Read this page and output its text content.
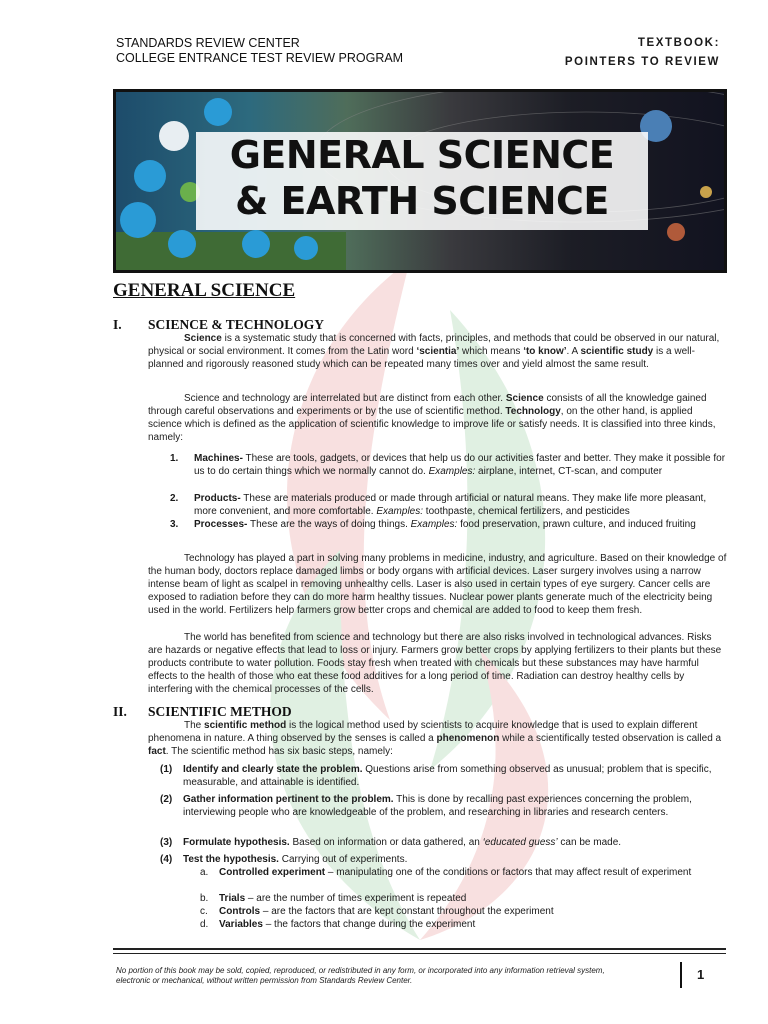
STANDARDS REVIEW CENTER
COLLEGE ENTRANCE TEST REVIEW PROGRAM
TEXTBOOK:
POINTERS TO REVIEW
GENERAL SCIENCE
& EARTH SCIENCE
GENERAL SCIENCE
I. SCIENCE & TECHNOLOGY
Science is a systematic study that is concerned with facts, principles, and methods that could be observed in our natural, physical or social environment. It comes from the Latin word ‘scientia’ which means ‘to know’. A scientific study is a well-planned and rigorously reasoned study which can be repeated many times over and yield almost the same result.
Science and technology are interrelated but are distinct from each other. Science consists of all the knowledge gained through careful observations and experiments or by the use of scientific method. Technology, on the other hand, is applied science which is defined as the application of scientific knowledge to improve life or satisfy needs. It is classified into three kinds, namely:
1. Machines- These are tools, gadgets, or devices that help us do our activities faster and better. They make it possible for us to do certain things which we normally cannot do. Examples: airplane, internet, CT-scan, and computer
2. Products- These are materials produced or made through artificial or natural means. They make life more pleasant, more convenient, and more comfortable. Examples: toothpaste, chemical fertilizers, and pesticides
3. Processes- These are the ways of doing things. Examples: food preservation, prawn culture, and induced fruiting
Technology has played a part in solving many problems in medicine, industry, and agriculture. Based on their knowledge of the human body, doctors replace damaged limbs or body organs with artificial devices. Laser surgery involves using a narrow intense beam of light as scalpel in removing unhealthy cells. Laser is also used in certain types of eye surgery. Cancer cells are exposed to radiation before they can do more harm healthy tissues. Nuclear power plants generate much of the electricity being used in the world. Fertilizers help farmers grow better crops and chemical are added to food to keep them fresh.
The world has benefited from science and technology but there are also risks involved in technological advances. Risks are hazards or negative effects that lead to loss or injury. Farmers grow better crops by applying fertilizers to their plants but these products contribute to water pollution. Foods stay fresh when treated with chemicals but these substances may have harmful effects to the health of those who eat these food additives for a long period of time. Radiation can destroy healthy cells by interfering with the chemical processes of the cells.
II. SCIENTIFIC METHOD
The scientific method is the logical method used by scientists to acquire knowledge that is used to explain different phenomena in nature. A thing observed by the senses is called a phenomenon while a scientifically tested observation is called a fact. The scientific method has six basic steps, namely:
(1) Identify and clearly state the problem. Questions arise from something observed as unusual; problem that is specific, measurable, and attainable is identified.
(2) Gather information pertinent to the problem. This is done by recalling past experiences concerning the problem, interviewing people who are knowledgeable of the problem, and researching in libraries and research centers.
(3) Formulate hypothesis. Based on information or data gathered, an ‘educated guess’ can be made.
(4) Test the hypothesis. Carrying out of experiments.
a. Controlled experiment – manipulating one of the conditions or factors that may affect result of experiment
b. Trials – are the number of times experiment is repeated
c. Controls – are the factors that are kept constant throughout the experiment
d. Variables – the factors that change during the experiment
No portion of this book may be sold, copied, reproduced, or redistributed in any form, or incorporated into any information retrieval system, electronic or mechanical, without written permission from Standards Review Center.	1
